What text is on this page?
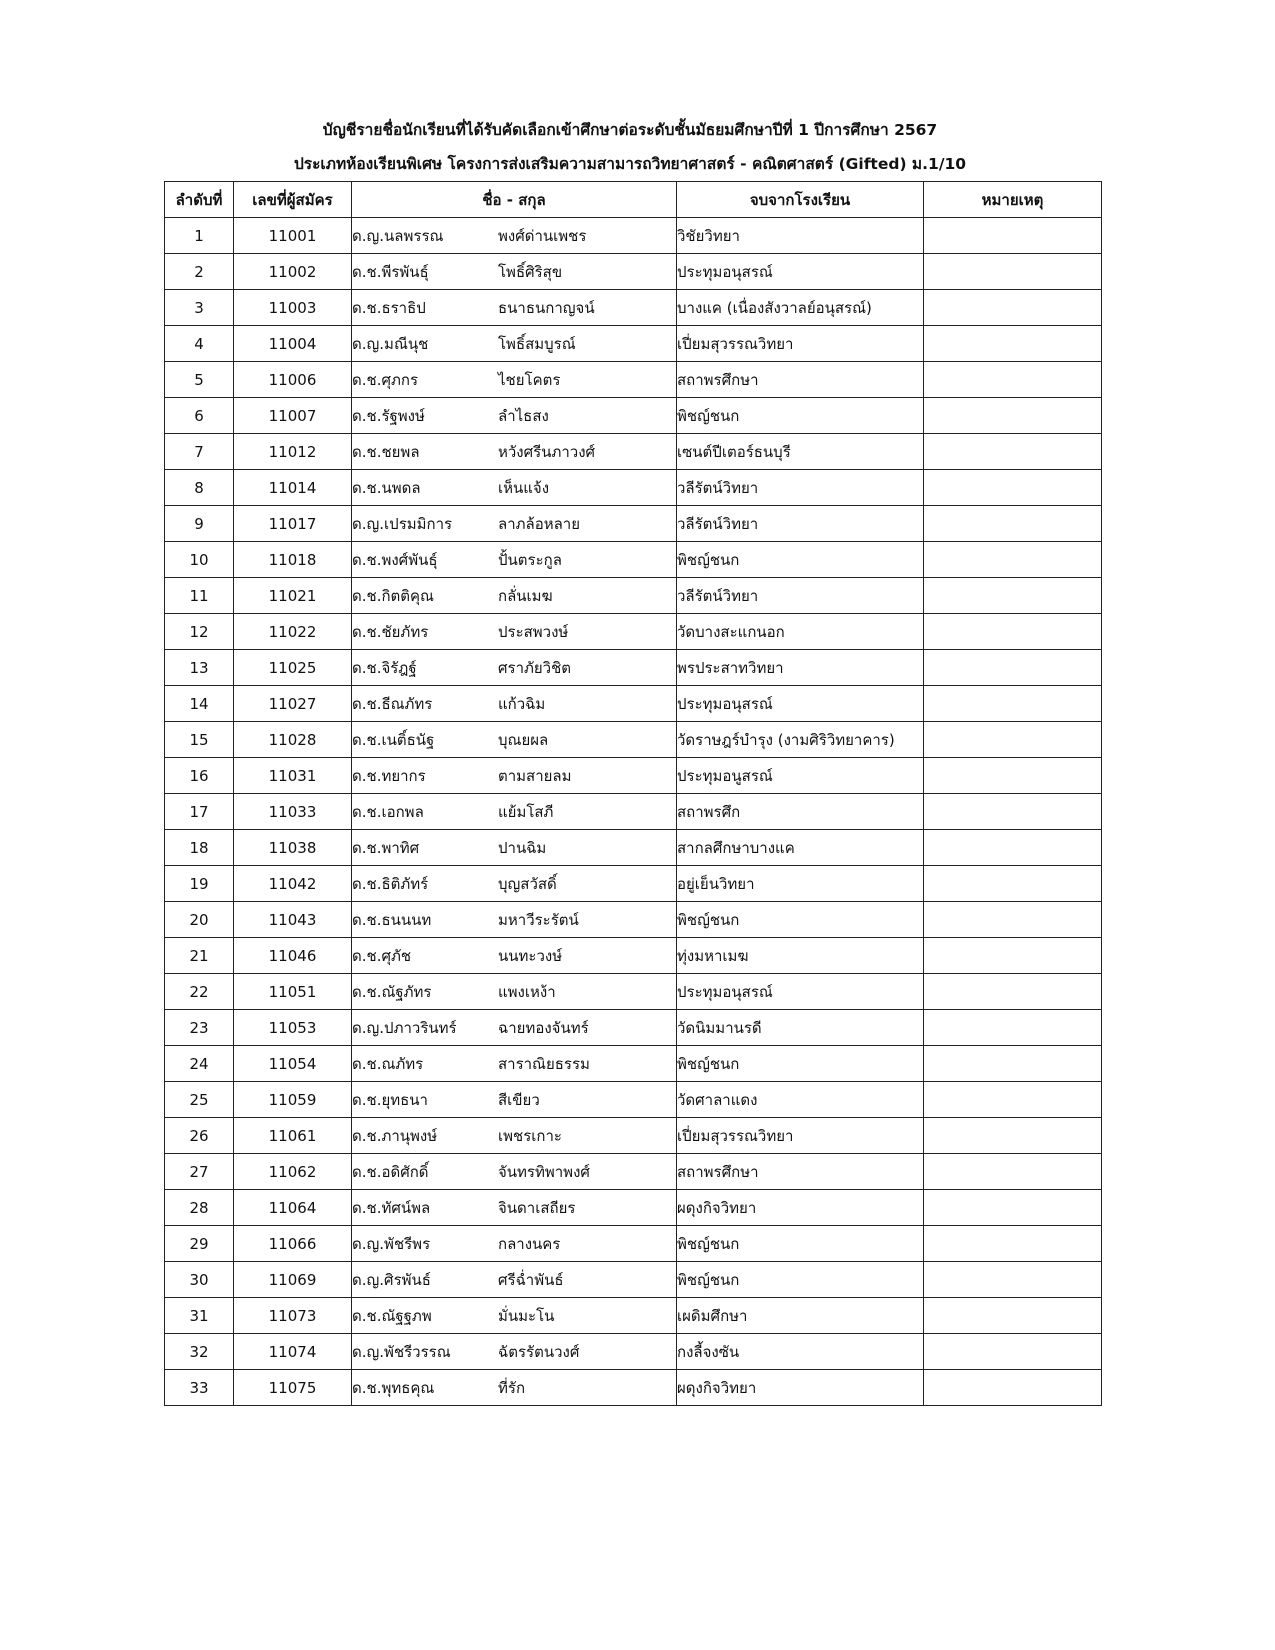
บัญชีรายชื่อนักเรียนที่ได้รับคัดเลือกเข้าศึกษาต่อระดับชั้นมัธยมศึกษาปีที่ 1 ปีการศึกษา 2567
ประเภทห้องเรียนพิเศษ โครงการส่งเสริมความสามารถวิทยาศาสตร์ - คณิตศาสตร์ (Gifted) ม.1/10
ลำดับที่	เลขที่ผู้สมัคร	ชื่อ - สกุล	จบจากโรงเรียน	หมายเหตุ
1	11001	ด.ญ.นลพรรณ พงศ์ด่านเพชร	วิชัยวิทยา	
2	11002	ด.ช.พีรพันธุ์ โพธิ์ศิริสุข	ประทุมอนุสรณ์	
3	11003	ด.ช.ธราธิป ธนาธนกาญจน์	บางแค (เนื่องสังวาลย์อนุสรณ์)	
4	11004	ด.ญ.มณีนุช โพธิ์สมบูรณ์	เปี่ยมสุวรรณวิทยา	
5	11006	ด.ช.ศุภกร ไชยโคตร	สถาพรศึกษา	
6	11007	ด.ช.รัฐพงษ์ ลำไธสง	พิชญ์ชนก	
7	11012	ด.ช.ชยพล หวังศรีนภาวงศ์	เซนต์ปีเตอร์ธนบุรี	
8	11014	ด.ช.นพดล เห็นแจ้ง	วลีรัตน์วิทยา	
9	11017	ด.ญ.เปรมมิการ ลาภล้อหลาย	วลีรัตน์วิทยา	
10	11018	ด.ช.พงศ์พันธุ์ ปั้นตระกูล	พิชญ์ชนก	
11	11021	ด.ช.กิตติคุณ กลั่นเมฆ	วลีรัตน์วิทยา	
12	11022	ด.ช.ชัยภัทร ประสพวงษ์	วัดบางสะแกนอก	
13	11025	ด.ช.จิรัฎฐ์ ศราภัยวิชิต	พรประสาทวิทยา	
14	11027	ด.ช.ธีณภัทร แก้วฉิม	ประทุมอนุสรณ์	
15	11028	ด.ช.เนติ์ธนัฐ บุณยผล	วัดราษฎร์บำรุง (งามศิริวิทยาคาร)	
16	11031	ด.ช.ทยากร ตามสายลม	ประทุมอนูสรณ์	
17	11033	ด.ช.เอกพล แย้มโสภี	สถาพรศึก	
18	11038	ด.ช.พาทิศ ปานฉิม	สากลศึกษาบางแค	
19	11042	ด.ช.ธิติภัทร์ บุญสวัสดิ์	อยู่เย็นวิทยา	
20	11043	ด.ช.ธนนนท มหาวีระรัตน์	พิชญ์ชนก	
21	11046	ด.ช.ศุภัช นนทะวงษ์	ทุ่งมหาเมฆ	
22	11051	ด.ช.ณัฐภัทร แพงเหง้า	ประทุมอนุสรณ์	
23	11053	ด.ญ.ปภาวรินทร์ ฉายทองจันทร์	วัดนิมมานรดี	
24	11054	ด.ช.ณภัทร สาราณิยธรรม	พิชญ์ชนก	
25	11059	ด.ช.ยุทธนา สีเขียว	วัดศาลาแดง	
26	11061	ด.ช.ภานุพงษ์ เพชรเกาะ	เปี่ยมสุวรรณวิทยา	
27	11062	ด.ช.อดิศักดิ์ จันทรทิพาพงศ์	สถาพรศึกษา	
28	11064	ด.ช.ทัศน์พล จินดาเสถียร	ผดุงกิจวิทยา	
29	11066	ด.ญ.พัชรีพร กลางนคร	พิชญ์ชนก	
30	11069	ด.ญ.ศิรพันธ์ ศรีฉ่ำพันธ์	พิชญ์ชนก	
31	11073	ด.ช.ณัฐฐภพ มั่นมะโน	เผดิมศึกษา	
32	11074	ด.ญ.พัชรีวรรณ ฉัตรรัตนวงศ์	กงลี้จงซัน	
33	11075	ด.ช.พุทธคุณ ที่รัก	ผดุงกิจวิทยา	
